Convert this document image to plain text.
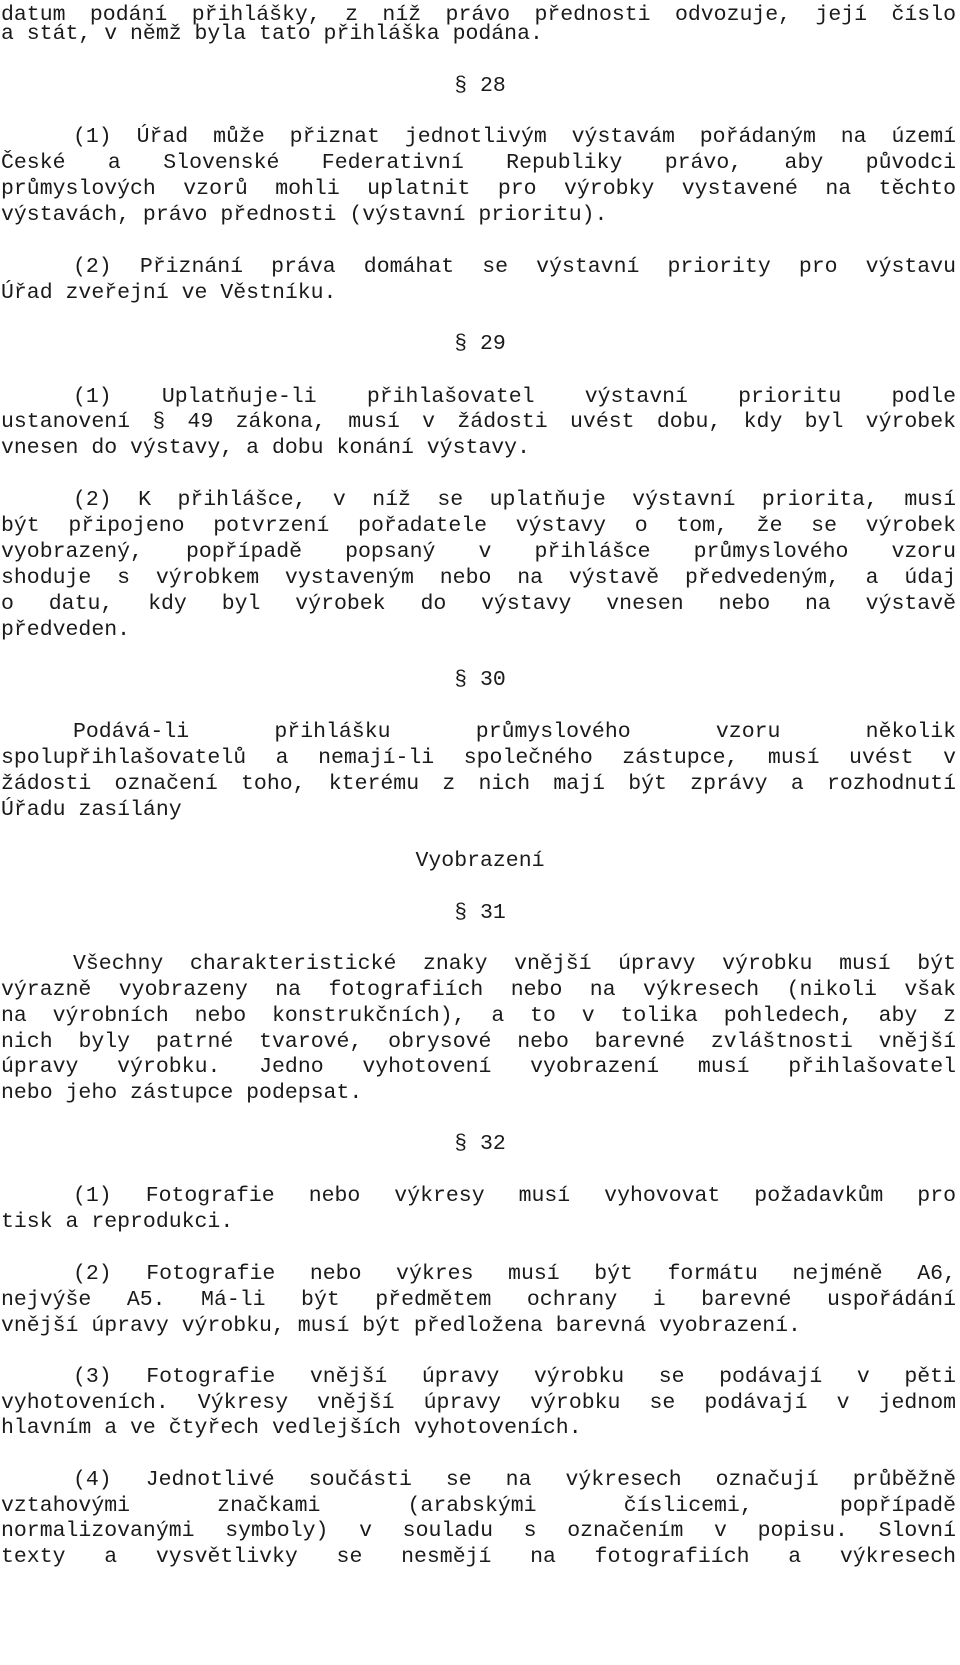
datum podání přihlášky, z níž právo přednosti odvozuje, její číslo
a stát, v němž byla tato přihláška podána.
§ 28
(1) Úřad může přiznat jednotlivým výstavám pořádaným na území
České a Slovenské Federativní Republiky právo, aby původci
průmyslových vzorů mohli uplatnit pro výrobky vystavené na těchto
výstavách, právo přednosti (výstavní prioritu).
(2) Přiznání práva domáhat se výstavní priority pro výstavu
Úřad zveřejní ve Věstníku.
§ 29
(1) Uplatňuje-li přihlašovatel výstavní prioritu podle
ustanovení § 49 zákona, musí v žádosti uvést dobu, kdy byl výrobek
vnesen do výstavy, a dobu konání výstavy.
(2) K přihlášce, v níž se uplatňuje výstavní priorita, musí
být připojeno potvrzení pořadatele výstavy o tom, že se výrobek
vyobrazený, popřípadě popsaný v přihlášce průmyslového vzoru
shoduje s výrobkem vystaveným nebo na výstavě předvedeným, a údaj
o datu, kdy byl výrobek do výstavy vnesen nebo na výstavě
předveden.
§ 30
Podává-li přihlášku průmyslového vzoru několik
spolupřihlašovatelů a nemají-li společného zástupce, musí uvést v
žádosti označení toho, kterému z nich mají být zprávy a rozhodnutí
Úřadu zasílány
Vyobrazení
§ 31
Všechny charakteristické znaky vnější úpravy výrobku musí být
výrazně vyobrazeny na fotografiích nebo na výkresech (nikoli však
na výrobních nebo konstrukčních), a to v tolika pohledech, aby z
nich byly patrné tvarové, obrysové nebo barevné zvláštnosti vnější
úpravy výrobku. Jedno vyhotovení vyobrazení musí přihlašovatel
nebo jeho zástupce podepsat.
§ 32
(1) Fotografie nebo výkresy musí vyhovovat požadavkům pro
tisk a reprodukci.
(2) Fotografie nebo výkres musí být formátu nejméně A6,
nejvýše A5. Má-li být předmětem ochrany i barevné uspořádání
vnější úpravy výrobku, musí být předložena barevná vyobrazení.
(3) Fotografie vnější úpravy výrobku se podávají v pěti
vyhotoveních. Výkresy vnější úpravy výrobku se podávají v jednom
hlavním a ve čtyřech vedlejších vyhotoveních.
(4) Jednotlivé součásti se na výkresech označují průběžně
vztahovými značkami (arabskými číslicemi, popřípadě
normalizovanými symboly) v souladu s označením v popisu. Slovní
texty a vysvětlivky se nesmějí na fotografiích a výkresech
